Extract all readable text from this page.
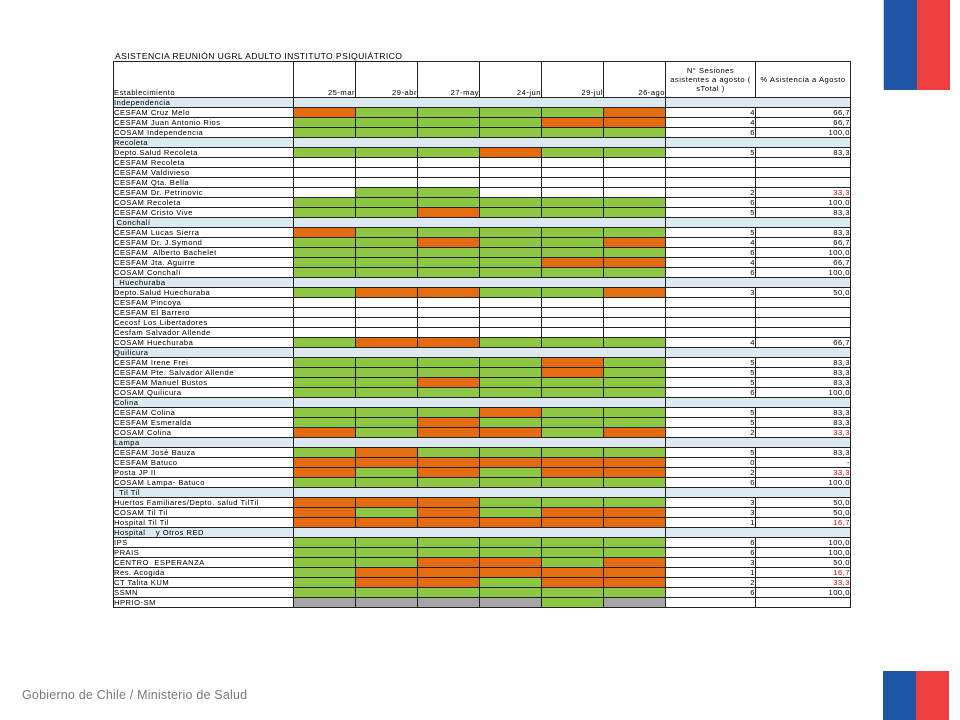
ASISTENCIA REUNIÓN UGRL ADULTO INSTITUTO PSIQUIÁTRICO
Establecimiento	25-mar	29-abr	27-may	24-jun	29-jul	26-ago	N° Sesiones asistentes a agosto ( sTotal )	% Asistencia a Agosto
Independencia								
CESFAM Cruz Melo							4	66,7
CESFAM Juan Antonio Rios							4	66,7
COSAM Independencia							6	100,0
Recoleta								
Depto.Salud Recoleta							5	83,3
CESFAM Recoleta								
CESFAM Valdivieso								
CESFAM Qta. Bella								
CESFAM Dr. Petrinovic							2	33,3
COSAM Recoleta							6	100,0
CESFAM Cristo Vive							5	83,3
Conchalí								
CESFAM Lucas Sierra							5	83,3
CESFAM Dr. J.Symond							4	66,7
CESFAM  Alberto Bachelet							6	100,0
CESFAM Jta. Aguirre							4	66,7
COSAM Conchalí							6	100,0
Huechuraba								
Depto.Salud Huechuraba							3	50,0
CESFAM Pincoya								
CESFAM El Barrero								
Cecosf Los Libertadores								
Cesfam Salvador Allende								
COSAM Huechuraba							4	66,7
Quilicura								
CESFAM Irene Frei							5	83,3
CESFAM Pte. Salvador Allende							5	83,3
CESFAM Manuel Bustos							5	83,3
COSAM Quilicura							6	100,0
Colina								
CESFAM Colina							5	83,3
CESFAM Esmeralda							5	83,3
COSAM Colina							2	33,3
Lampa								
CESFAM José Bauza							5	83,3
CESFAM Batuco							0	-
Posta JP II							2	33,3
COSAM Lampa- Batuco							6	100,0
Til Til								
Huertos Familiares/Depto. salud TilTil							3	50,0
COSAM Til Til							3	50,0
Hospital Til Til							1	16,7
Hospital    y Otros RED								
IPS							6	100,0
PRAIS							6	100,0
CENTRO  ESPERANZA							3	50,0
Res. Acogida							1	16,7
CT Talita KUM							2	33,3
SSMN							6	100,0
HPRIO-SM								
Gobierno de Chile / Ministerio de Salud
